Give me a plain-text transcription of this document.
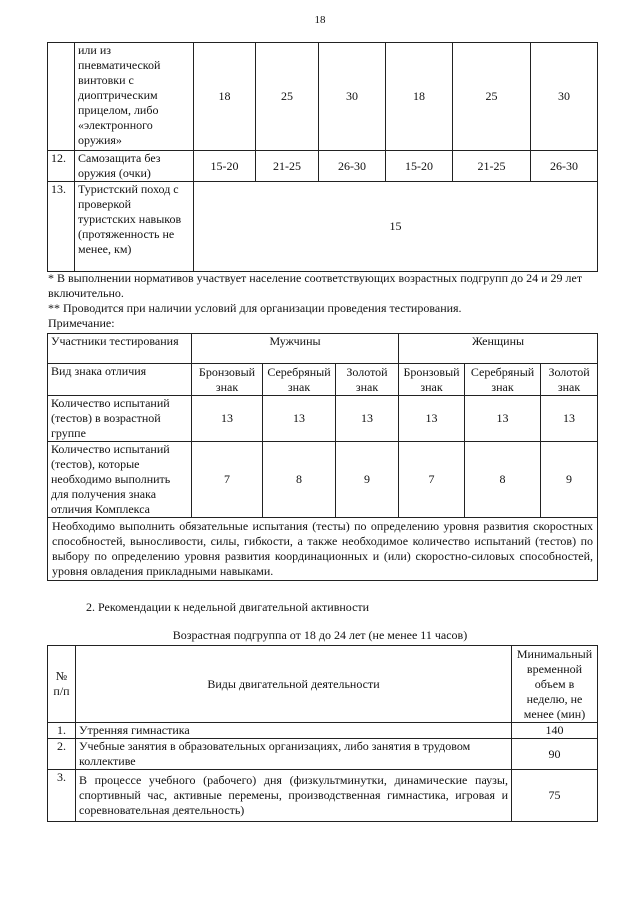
18
	или из пневматической винтовки с диоптрическим прицелом, либо «электронного оружия»	18	25	30	18	25	30
12.	Самозащита без оружия (очки)	15-20	21-25	26-30	15-20	21-25	26-30
13.	Туристский поход с проверкой туристских навыков (протяженность не менее, км)	15					

* В выполнении нормативов участвует население соответствующих возрастных подгрупп до 24 и 29 лет включительно.

** Проводится при наличии условий для организации проведения тестирования.

Примечание:

Участники тестирования	Мужчины			Женщины		
Вид знака отличия	Бронзовый знак	Серебряный знак	Золотой знак	Бронзовый знак	Серебряный знак	Золотой знак
Количество испытаний (тестов) в возрастной группе	13	13	13	13	13	13
Количество испытаний (тестов), которые необходимо выполнить для получения знака отличия Комплекса	7	8	9	7	8	9
Необходимо выполнить обязательные испытания (тесты) по определению уровня развития скоростных способностей, выносливости, силы, гибкости, а также необходимое количество испытаний (тестов) по выбору по определению уровня развития координационных и (или) скоростно-силовых способностей, уровня овладения прикладными навыками.						
2. Рекомендации к недельной двигательной активности
Возрастная подгруппа от 18 до 24 лет (не менее 11 часов)
№ п/п	Виды двигательной деятельности	Минимальный временной объем в неделю, не менее (мин)
1.	Утренняя гимнастика	140
2.	Учебные занятия в образовательных организациях, либо занятия в трудовом коллективе	90
3.	В процессе учебного (рабочего) дня (физкультминутки, динамические паузы, спортивный час, активные перемены, производственная гимнастика, игровая и соревновательная деятельность)	75
